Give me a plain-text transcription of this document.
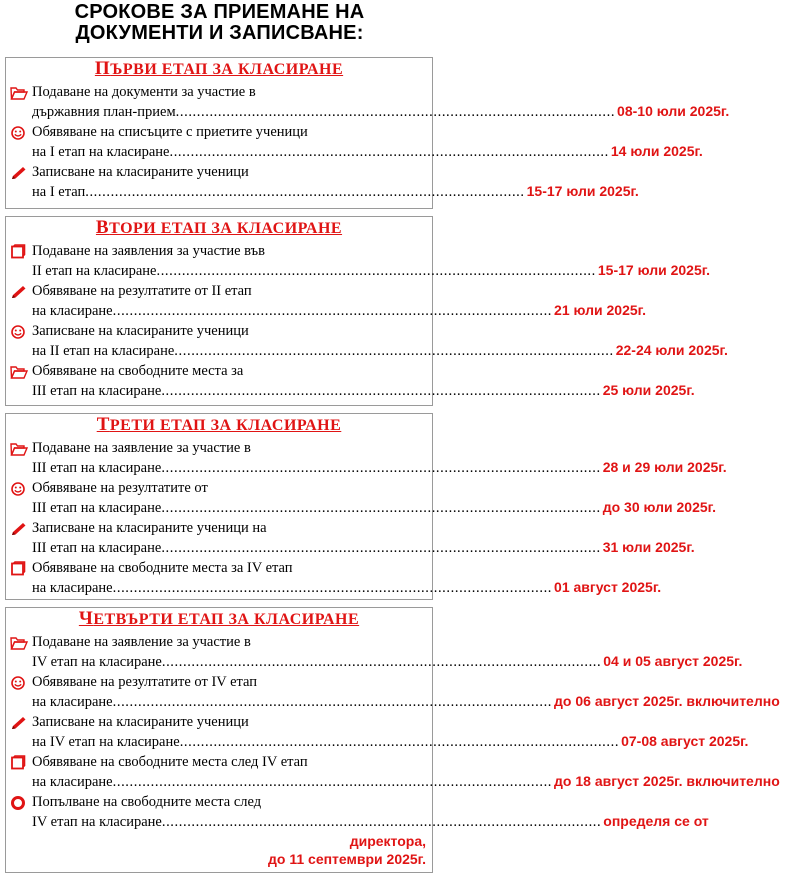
СРОКОВЕ ЗА ПРИЕМАНЕ НА
ДОКУМЕНТИ И ЗАПИСВАНЕ:
ПЪРВИ ЕТАП ЗА КЛАСИРАНЕ
Подаване на документи за участие в
държавния план-прием ........................................................................................................ 08-10 юли 2025г.
Обявяване на списъците с приетите ученици
на I етап на класиране ........................................................................................................ 14 юли 2025г.
Записване на класираните ученици
на I етап ........................................................................................................ 15-17 юли 2025г.
ВТОРИ ЕТАП ЗА КЛАСИРАНЕ
Подаване на заявления за участие във
II етап на класиране ........................................................................................................ 15-17 юли 2025г.
Обявяване на резултатите от II етап
на класиране ........................................................................................................ 21 юли 2025г.
Записване на класираните ученици
на II етап на класиране ........................................................................................................ 22-24 юли 2025г.
Обявяване на свободните места за
III етап на класиране ........................................................................................................ 25 юли 2025г.
ТРЕТИ ЕТАП ЗА КЛАСИРАНЕ
Подаване на заявление за участие в
III етап на класиране ........................................................................................................ 28 и 29 юли 2025г.
Обявяване на резултатите от
III етап на класиране ........................................................................................................ до 30 юли 2025г.
Записване на класираните ученици на
III етап на класиране ........................................................................................................ 31 юли 2025г.
Обявяване на свободните места за IV етап
на класиране ........................................................................................................ 01 август 2025г.
ЧЕТВЪРТИ ЕТАП ЗА КЛАСИРАНЕ
Подаване на заявление за участие в
IV етап на класиране ........................................................................................................ 04 и 05 август 2025г.
Обявяване на резултатите от IV етап
на класиране ........................................................................................................ до 06 август 2025г. включително
Записване на класираните ученици
на IV етап на класиране ........................................................................................................ 07-08 август 2025г.
Обявяване на свободните места след IV етап
на класиране ........................................................................................................ до 18 август 2025г. включително
Попълване на свободните места след
IV етап на класиране ........................................................................................................ определя се от
директора,
до 11 септември 2025г.
